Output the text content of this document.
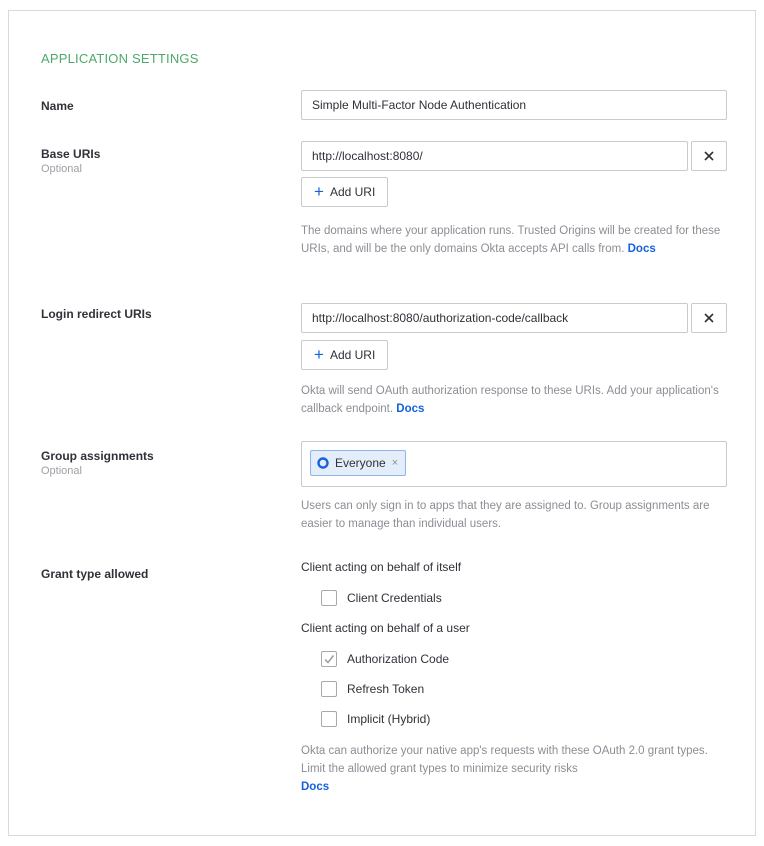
APPLICATION SETTINGS
Name
Simple Multi-Factor Node Authentication
Base URIs
Optional
http://localhost:8080/
+ Add URI
The domains where your application runs. Trusted Origins will be created for these URIs, and will be the only domains Okta accepts API calls from. Docs
Login redirect URIs
http://localhost:8080/authorization-code/callback
+ Add URI
Okta will send OAuth authorization response to these URIs. Add your application's callback endpoint. Docs
Group assignments
Optional
Everyone ×
Users can only sign in to apps that they are assigned to. Group assignments are easier to manage than individual users.
Grant type allowed	Client acting on behalf of itself
Client Credentials
Client acting on behalf of a user
Authorization Code
Refresh Token
Implicit (Hybrid)
Okta can authorize your native app's requests with these OAuth 2.0 grant types. Limit the allowed grant types to minimize security risks
Docs
